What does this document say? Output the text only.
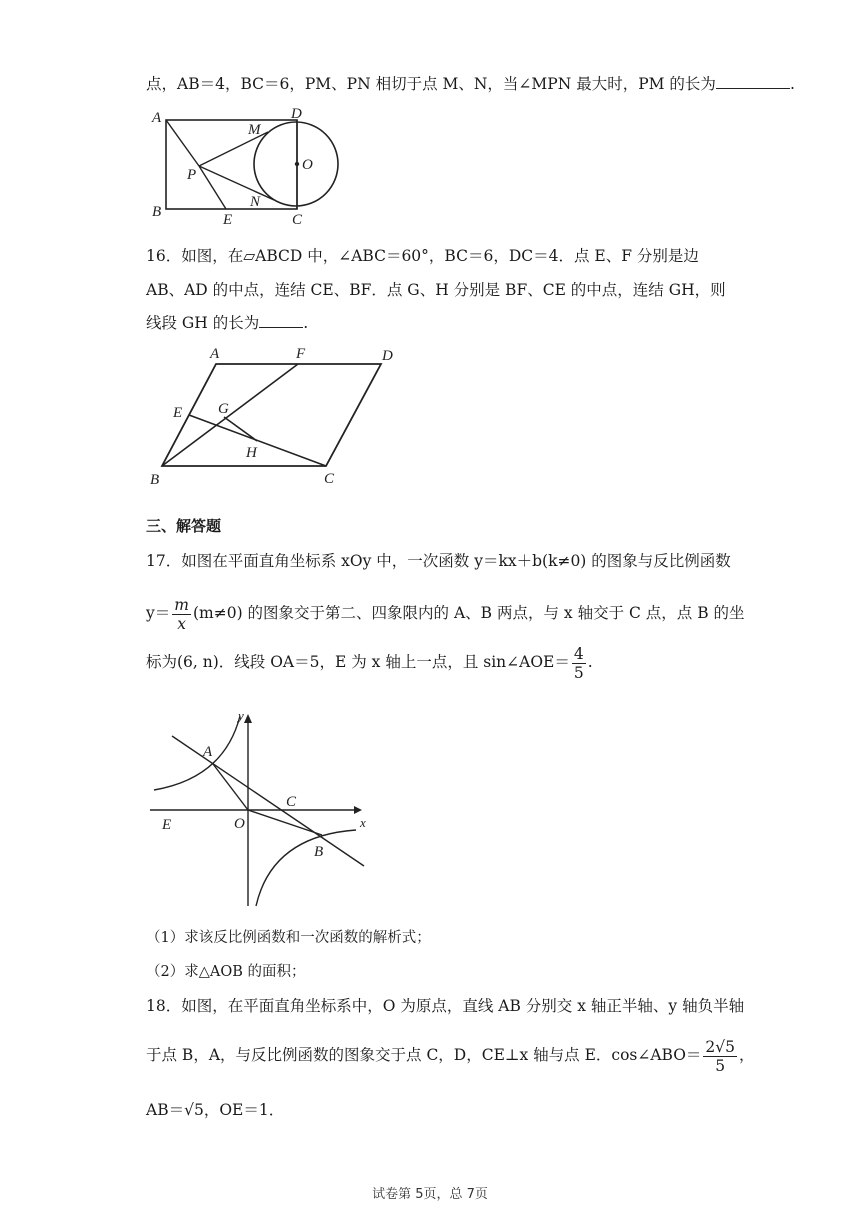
点，AB＝4，BC＝6，PM、PN 相切于点 M、N，当∠MPN 最大时，PM 的长为	.
A
B	C
D
E
M
N
O
P
16．如图，在▱ABCD 中，∠ABC＝60°，BC＝6，DC＝4．点 E、F 分别是边
AB、AD 的中点，连结 CE、BF．点 G、H 分别是 BF、CE 的中点，连结 GH，则
线段 GH 的长为	.
A	F	D
E G
H
B	C
三、解答题
17．如图在平面直角坐标系 xOy 中，一次函数 y＝kx＋b(k≠0) 的图象与反比例函数
$y= \frac{m}{x} (m\ne 0)$ 的图象交于第二、四象限内的 A、B 两点，与 x 轴交于 C 点，点 B 的坐
标为(6, n)．线段 OA＝5，E 为 x 轴上一点，且 sin∠AOE＝ $\frac{4}{5}$ .
y
x
A
B
C
E	O
（1）求该反比例函数和一次函数的解析式；
（2）求△AOB 的面积；
18．如图，在平面直角坐标系中，O 为原点，直线 AB 分别交 x 轴正半轴、y 轴负半轴
于点 B，A，与反比例函数的图象交于点 C，D，CE⊥x 轴与点 E．cos∠ABO＝ $\frac{2√5}{5}$ ，
AB＝√5，OE＝1．
试卷第 5页，总 7页
